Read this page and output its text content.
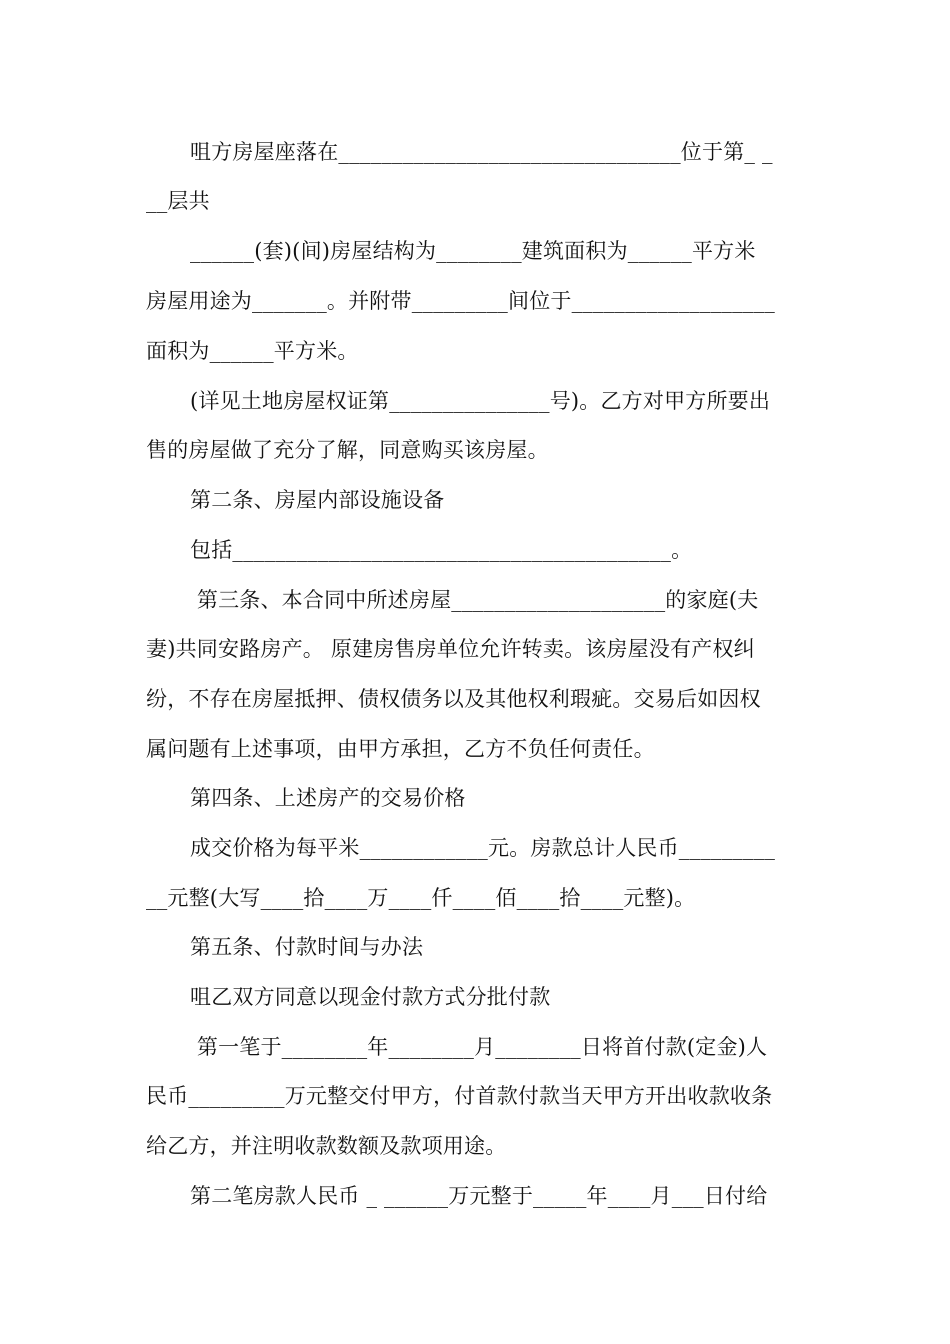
咀方房屋座落在________________________________位于第_ _
__层共
______(套)(间)房屋结构为________建筑面积为______平方米
房屋用途为_______。并附带_________间位于___________________
面积为______平方米。
(详见土地房屋权证第_______________号)。乙方对甲方所要出
售的房屋做了充分了解，同意购买该房屋。
第二条、房屋内部设施设备
包括_________________________________________。
第三条、本合同中所述房屋____________________的家庭(夫
妻)共同安路房产。 原建房售房单位允许转卖。该房屋没有产权纠
纷，不存在房屋抵押、债权债务以及其他权利瑕疵。交易后如因权
属问题有上述事项，由甲方承担，乙方不负任何责任。
第四条、上述房产的交易价格
成交价格为每平米____________元。房款总计人民币_________
__元整(大写____拾____万____仟____佰____拾____元整)。
第五条、付款时间与办法
咀乙双方同意以现金付款方式分批付款
第一笔于________年________月________日将首付款(定金)人
民币_________万元整交付甲方，付首款付款当天甲方开出收款收条
给乙方，并注明收款数额及款项用途。
第二笔房款人民币 _ ______万元整于_____年____月___日付给
